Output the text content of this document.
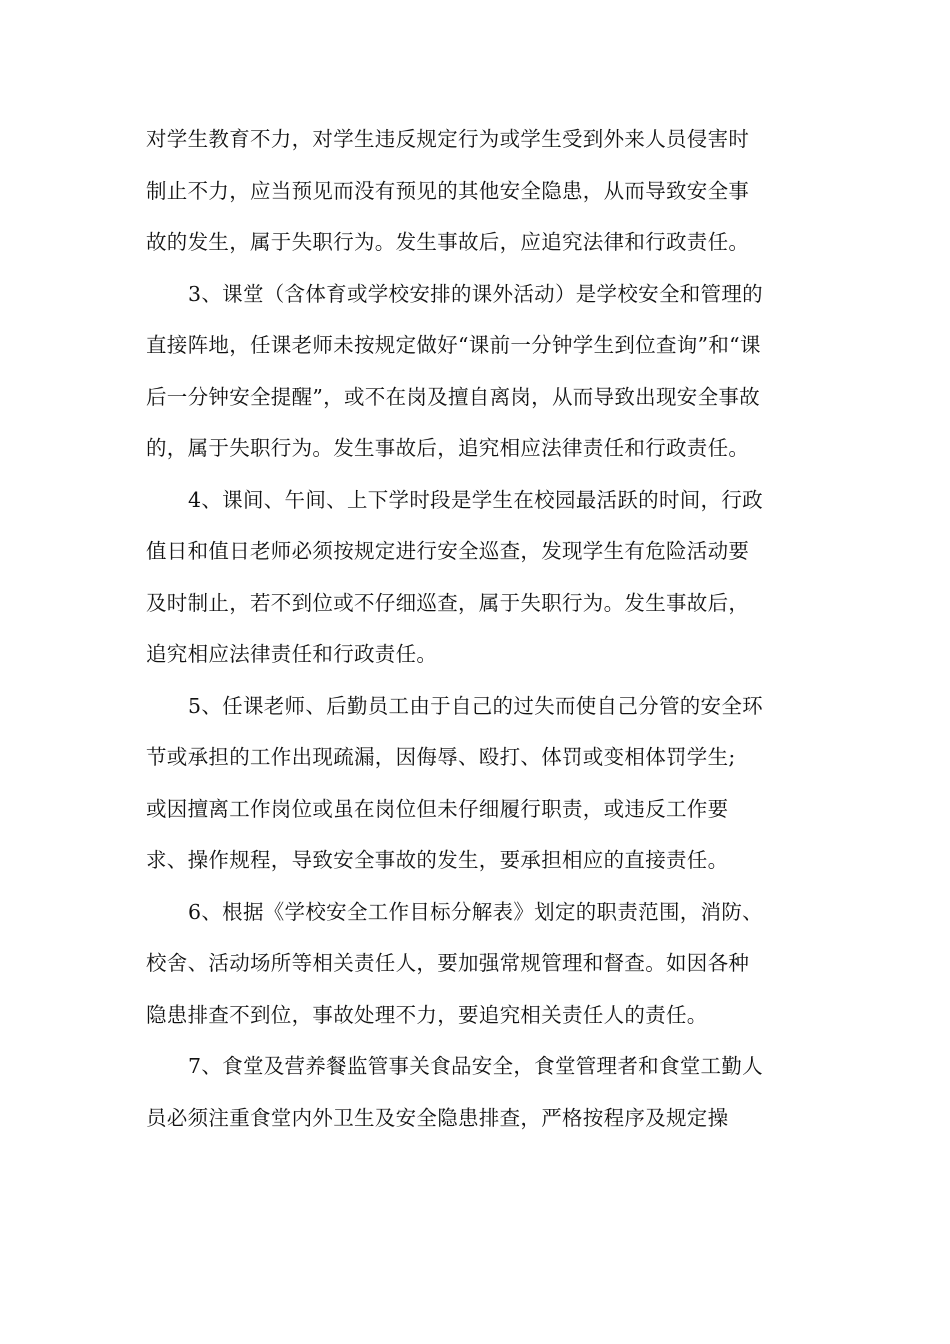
对学生教育不力，对学生违反规定行为或学生受到外来人员侵害时
制止不力，应当预见而没有预见的其他安全隐患，从而导致安全事
故的发生，属于失职行为。发生事故后，应追究法律和行政责任。
3、课堂（含体育或学校安排的课外活动）是学校安全和管理的
直接阵地，任课老师未按规定做好“课前一分钟学生到位查询”和“课
后一分钟安全提醒”，或不在岗及擅自离岗，从而导致出现安全事故
的，属于失职行为。发生事故后，追究相应法律责任和行政责任。
4、课间、午间、上下学时段是学生在校园最活跃的时间，行政
值日和值日老师必须按规定进行安全巡查，发现学生有危险活动要
及时制止，若不到位或不仔细巡查，属于失职行为。发生事故后，
追究相应法律责任和行政责任。
5、任课老师、后勤员工由于自己的过失而使自己分管的安全环
节或承担的工作出现疏漏，因侮辱、殴打、体罚或变相体罚学生;
或因擅离工作岗位或虽在岗位但未仔细履行职责，或违反工作要
求、操作规程，导致安全事故的发生，要承担相应的直接责任。
6、根据《学校安全工作目标分解表》划定的职责范围，消防、
校舍、活动场所等相关责任人，要加强常规管理和督查。如因各种
隐患排查不到位，事故处理不力，要追究相关责任人的责任。
7、食堂及营养餐监管事关食品安全，食堂管理者和食堂工勤人
员必须注重食堂内外卫生及安全隐患排查，严格按程序及规定操
